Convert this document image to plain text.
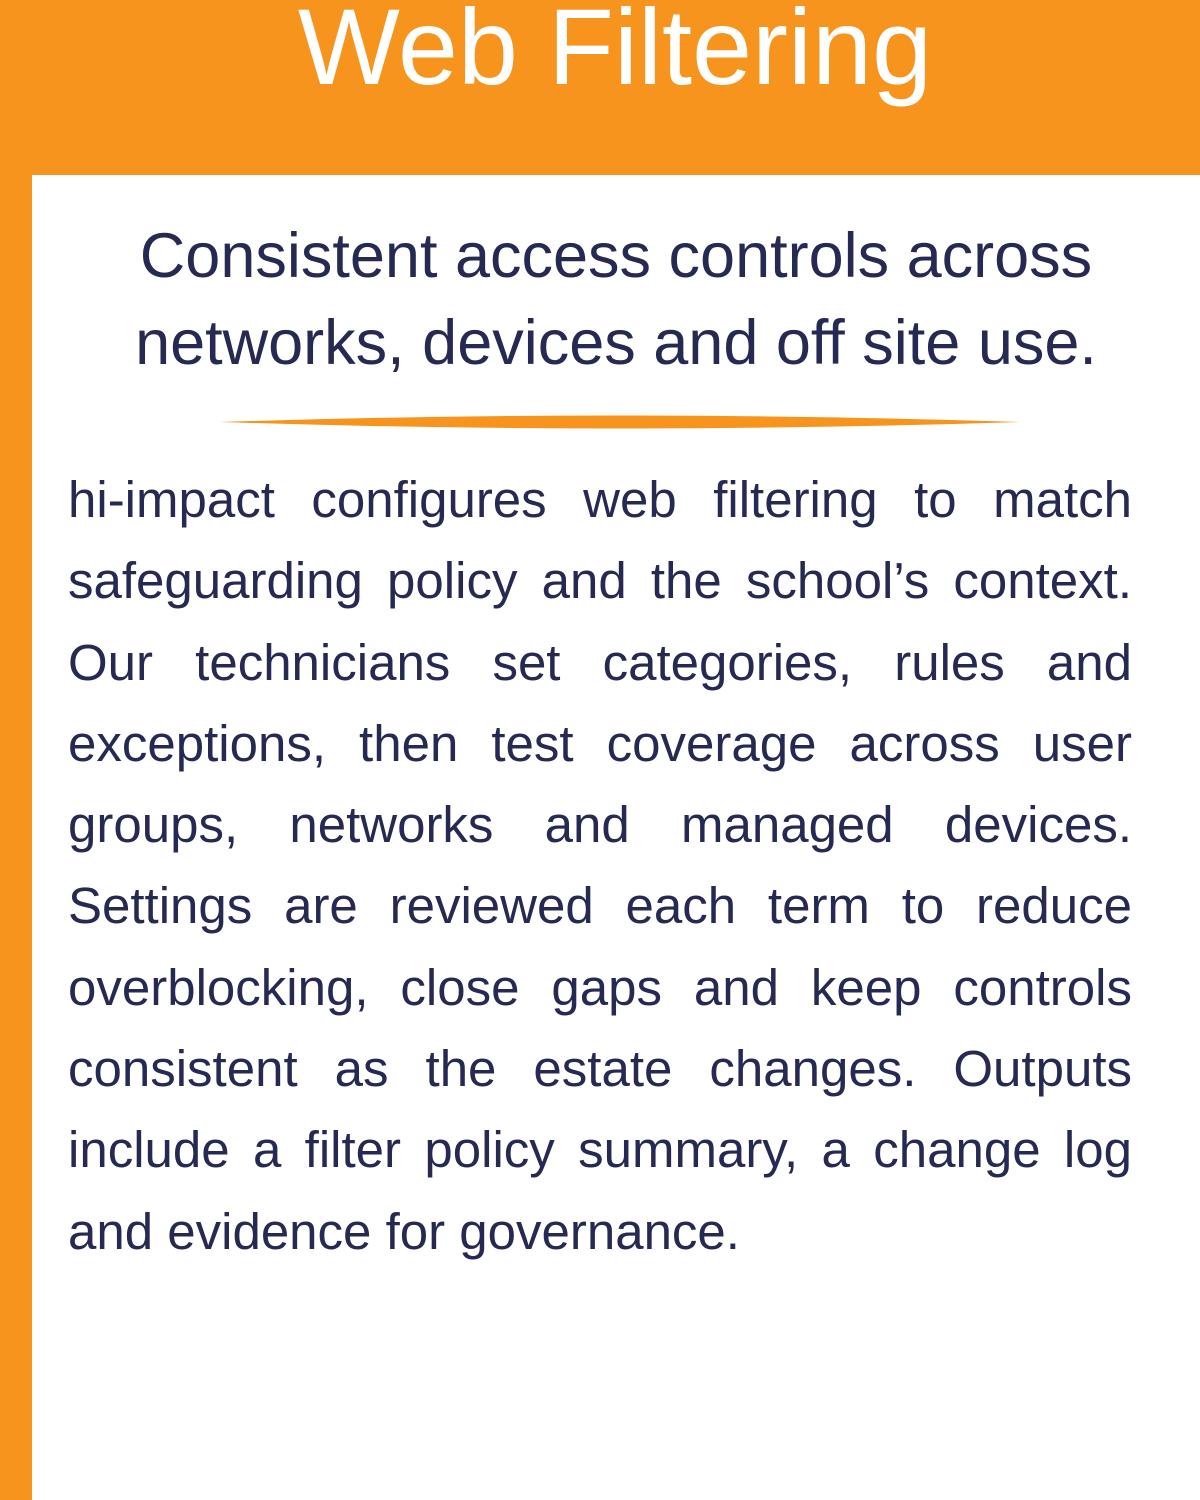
Web Filtering
Consistent access controls across
networks, devices and off site use.

hi-impact configures web filtering to match safeguarding policy and the school’s context. Our technicians set categories, rules and exceptions, then test coverage across user groups, networks and managed devices. Settings are reviewed each term to reduce overblocking, close gaps and keep controls consistent as the estate changes. Outputs include a filter policy summary, a change log and evidence for governance.
